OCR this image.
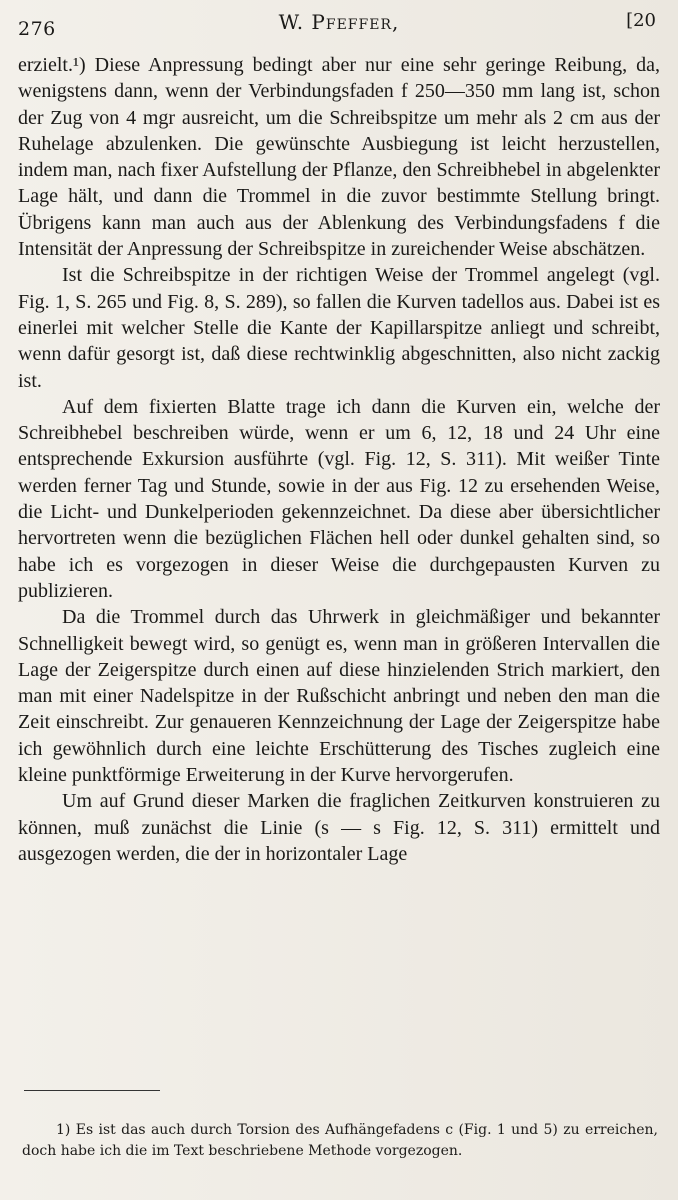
276	W. Pfeffer,	[20

erzielt.¹) Diese Anpressung bedingt aber nur eine sehr geringe Reibung, da, wenigstens dann, wenn der Verbindungsfaden f 250—350 mm lang ist, schon der Zug von 4 mgr ausreicht, um die Schreibspitze um mehr als 2 cm aus der Ruhelage abzulenken. Die gewünschte Ausbiegung ist leicht herzustellen, indem man, nach fixer Aufstellung der Pflanze, den Schreibhebel in abgelenkter Lage hält, und dann die Trommel in die zuvor bestimmte Stellung bringt. Übrigens kann man auch aus der Ablenkung des Verbindungsfadens f die Intensität der Anpressung der Schreibspitze in zureichender Weise abschätzen.

Ist die Schreibspitze in der richtigen Weise der Trommel angelegt (vgl. Fig. 1, S. 265 und Fig. 8, S. 289), so fallen die Kurven tadellos aus. Dabei ist es einerlei mit welcher Stelle die Kante der Kapillarspitze anliegt und schreibt, wenn dafür gesorgt ist, daß diese rechtwinklig abgeschnitten, also nicht zackig ist.

Auf dem fixierten Blatte trage ich dann die Kurven ein, welche der Schreibhebel beschreiben würde, wenn er um 6, 12, 18 und 24 Uhr eine entsprechende Exkursion ausführte (vgl. Fig. 12, S. 311). Mit weißer Tinte werden ferner Tag und Stunde, sowie in der aus Fig. 12 zu ersehenden Weise, die Licht- und Dunkelperioden gekennzeichnet. Da diese aber übersichtlicher hervortreten wenn die bezüglichen Flächen hell oder dunkel gehalten sind, so habe ich es vorgezogen in dieser Weise die durchgepausten Kurven zu publizieren.

Da die Trommel durch das Uhrwerk in gleichmäßiger und bekannter Schnelligkeit bewegt wird, so genügt es, wenn man in größeren Intervallen die Lage der Zeigerspitze durch einen auf diese hinzielenden Strich markiert, den man mit einer Nadelspitze in der Rußschicht anbringt und neben den man die Zeit einschreibt. Zur genaueren Kennzeichnung der Lage der Zeigerspitze habe ich gewöhnlich durch eine leichte Erschütterung des Tisches zugleich eine kleine punktförmige Erweiterung in der Kurve hervorgerufen.

Um auf Grund dieser Marken die fraglichen Zeitkurven konstruieren zu können, muß zunächst die Linie (s — s Fig. 12, S. 311) ermittelt und ausgezogen werden, die der in horizontaler Lage

1) Es ist das auch durch Torsion des Aufhängefadens c (Fig. 1 und 5) zu erreichen, doch habe ich die im Text beschriebene Methode vorgezogen.
